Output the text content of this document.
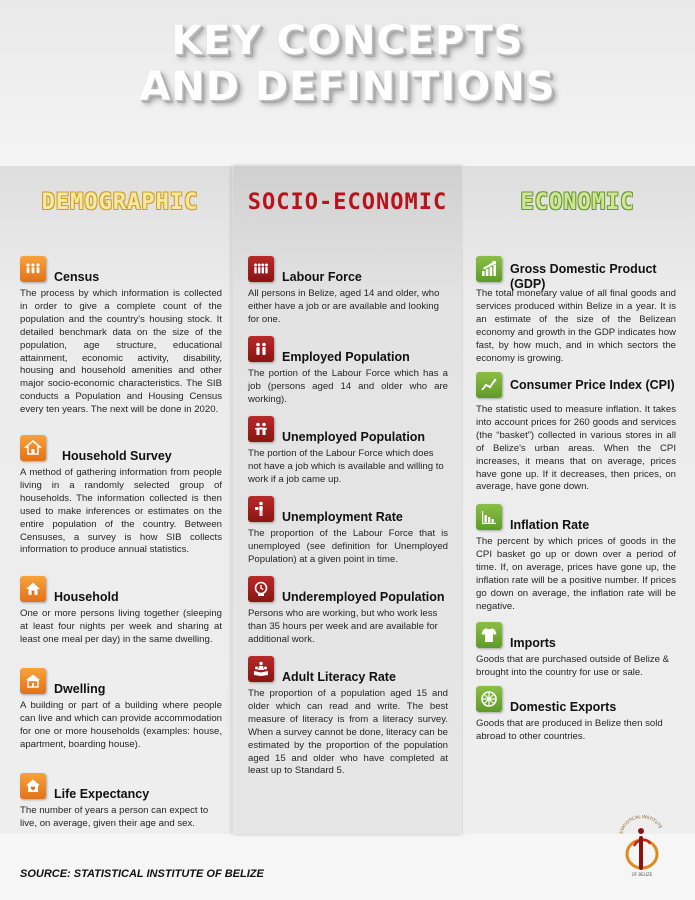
KEY CONCEPTS
AND DEFINITIONS
DEMOGRAPHIC	SOCIO-ECONOMIC	ECONOMIC
Census
The process by which information is collected in order to give a complete count of the population and the country's housing stock. It detailed benchmark data on the size of the population, age structure, educational attainment, economic activity, disability, housing and household amenities and other major socio-economic characteristics. The SIB conducts a Population and Housing Census every ten years. The next will be done in 2020.
Household Survey
A method of gathering information from people living in a randomly selected group of households. The information collected is then used to make inferences or estimates on the entire population of the country. Between Censuses, a survey is how SIB collects information to produce annual statistics.
Household
One or more persons living together (sleeping at least four nights per week and sharing at least one meal per day) in the same dwelling.
Dwelling
A building or part of a building where people can live and which can provide accommodation for one or more households (examples: house, apartment, boarding house).
Life Expectancy
The number of years a person can expect to live, on average, given their age and sex.
Labour Force
All persons in Belize, aged 14 and older, who either have a job or are available and looking for one.
Employed Population
The portion of the Labour Force which has a job (persons aged 14 and older who are working).
Unemployed Population
The portion of the Labour Force which does not have a job which is available and willing to work if a job came up.
Unemployment Rate
The proportion of the Labour Force that is unemployed (see definition for Unemployed Population) at a given point in time.
Underemployed Population
Persons who are working, but who work less than 35 hours per week and are available for additional work.
Adult Literacy Rate
The proportion of a population aged 15 and older which can read and write. The best measure of literacy is from a literacy survey. When a survey cannot be done, literacy can be estimated by the proportion of the population aged 15 and older who have completed at least up to Standard 5.
Gross Domestic Product (GDP)
The total monetary value of all final goods and services produced within Belize in a year. It is an estimate of the size of the Belizean economy and growth in the GDP indicates how fast, by how much, and in which sectors the economy is growing.
Consumer Price Index (CPI)
The statistic used to measure inflation. It takes into account prices for 260 goods and services (the “basket”) collected in various stores in all of Belize's urban areas. When the CPI increases, it means that on average, prices have gone up. If it decreases, then prices, on average, have gone down.
Inflation Rate
The percent by which prices of goods in the CPI basket go up or down over a period of time. If, on average, prices have gone up, the inflation rate will be a positive number. If prices go down on average, the inflation rate will be negative.
Imports
Goods that are purchased outside of Belize & brought into the country for use or sale.
Domestic Exports
Goods that are produced in Belize then sold abroad to other countries.
STATISTICAL INSTITUTE
OF BELIZE
SOURCE: STATISTICAL INSTITUTE OF BELIZE
